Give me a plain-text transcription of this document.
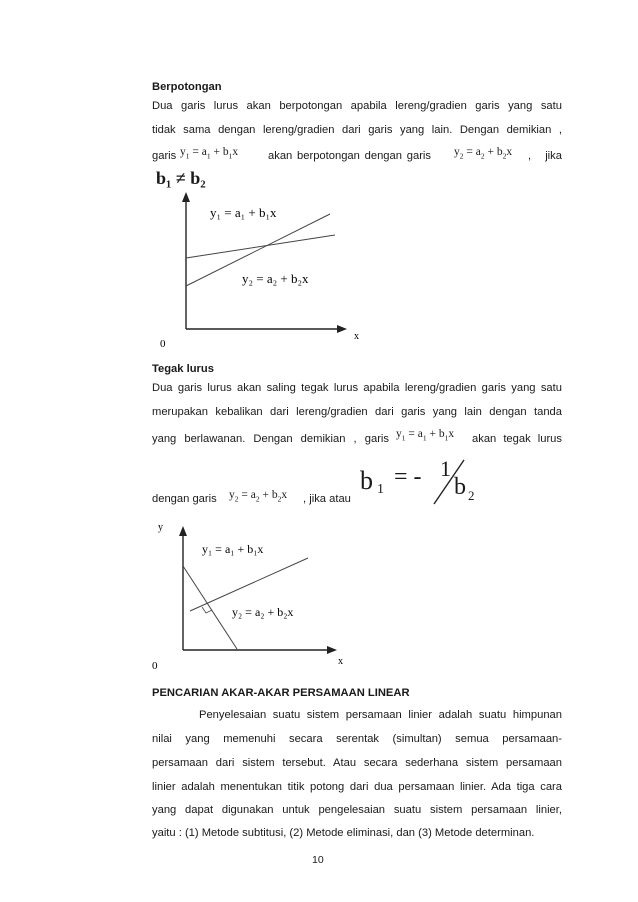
Berpotongan
Dua garis lurus akan berpotongan apabila lereng/gradien garis yang satu
tidak sama dengan lereng/gradien dari garis yang lain. Dengan demikian ,
garis $y_1 = a_1 + b_1x$	akan berpotongan dengan garis $y_2 = a_2 + b_2x$ , jika
b₁ ≠ b₂
y₁ = a₁ + b₁x
y₂ = a₂ + b₂x
x
0
Tegak lurus
Dua garis lurus akan saling tegak lurus apabila lereng/gradien garis yang satu
merupakan kebalikan dari lereng/gradien dari garis yang lain dengan tanda
yang berlawanan. Dengan demikian , garis $y_1 = a_1 + b_1x$ akan tegak lurus
b 1 = - 1
b 2
dengan garis $y_2 = a_2 + b_2x$ , jika atau
y
y₁ = a₁ + b₁x
y₂ = a₂ + b₂x
x
0
PENCARIAN AKAR-AKAR PERSAMAAN LINEAR
Penyelesaian suatu sistem persamaan linier adalah suatu himpunan
nilai yang memenuhi secara serentak (simultan) semua persamaan-
persamaan dari sistem tersebut. Atau secara sederhana sistem persamaan
linier adalah menentukan titik potong dari dua persamaan linier. Ada tiga cara
yang dapat digunakan untuk pengelesaian suatu sistem persamaan linier,
yaitu : (1) Metode subtitusi, (2) Metode eliminasi, dan (3) Metode determinan.
10
